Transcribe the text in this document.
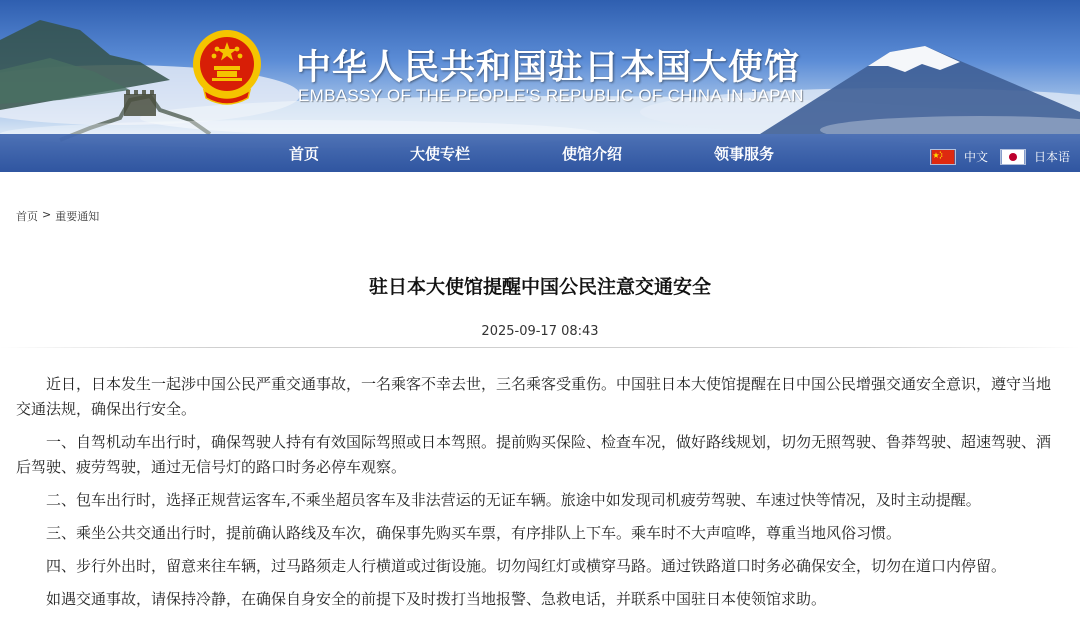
中华人民共和国驻日本国大使馆
EMBASSY OF THE PEOPLE'S REPUBLIC OF CHINA IN JAPAN
首页	大使专栏	使馆介绍	领事服务	中文	日本语
首页 > 重要通知
驻日本大使馆提醒中国公民注意交通安全
2025-09-17 08:43

近日，日本发生一起涉中国公民严重交通事故，一名乘客不幸去世，三名乘客受重伤。中国驻日本大使馆提醒在日中国公民增强交通安全意识，遵守当地交通法规，确保出行安全。

一、自驾机动车出行时，确保驾驶人持有有效国际驾照或日本驾照。提前购买保险、检查车况，做好路线规划，切勿无照驾驶、鲁莽驾驶、超速驾驶、酒后驾驶、疲劳驾驶，通过无信号灯的路口时务必停车观察。

二、包车出行时，选择正规营运客车,不乘坐超员客车及非法营运的无证车辆。旅途中如发现司机疲劳驾驶、车速过快等情况，及时主动提醒。

三、乘坐公共交通出行时，提前确认路线及车次，确保事先购买车票，有序排队上下车。乘车时不大声喧哗，尊重当地风俗习惯。

四、步行外出时，留意来往车辆，过马路须走人行横道或过街设施。切勿闯红灯或横穿马路。通过铁路道口时务必确保安全，切勿在道口内停留。

如遇交通事故，请保持冷静，在确保自身安全的前提下及时拨打当地报警、急救电话，并联系中国驻日本使领馆求助。
